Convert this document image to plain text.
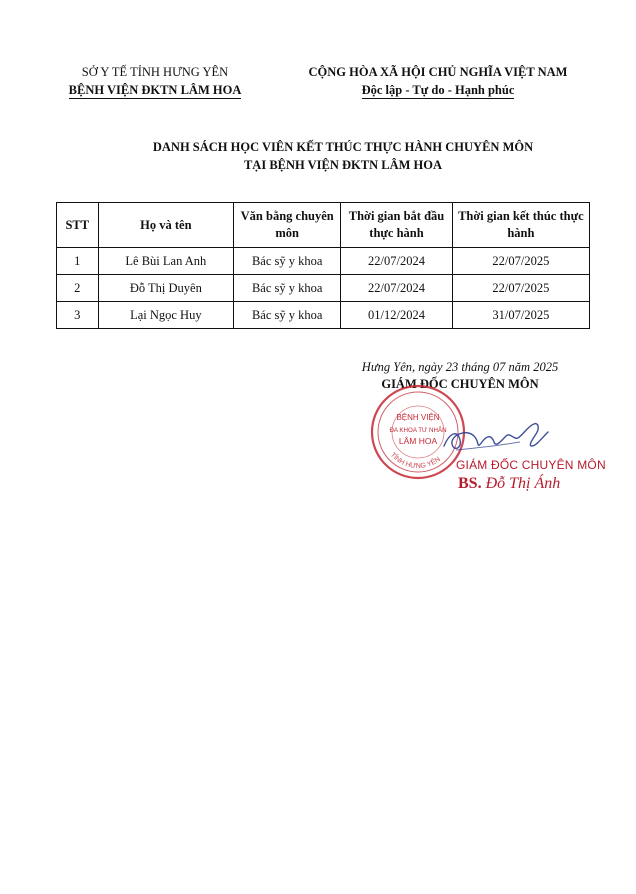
SỞ Y TẾ TỈNH HƯNG YÊN
BỆNH VIỆN ĐKTN LÂM HOA
CỘNG HÒA XÃ HỘI CHỦ NGHĨA VIỆT NAM
Độc lập - Tự do - Hạnh phúc
DANH SÁCH HỌC VIÊN KẾT THÚC THỰC HÀNH CHUYÊN MÔN
TẠI BỆNH VIỆN ĐKTN LÂM HOA
STT	Họ và tên	Văn bằng chuyên môn	Thời gian bắt đầu thực hành	Thời gian kết thúc thực hành
1	Lê Bùi Lan Anh	Bác sỹ y khoa	22/07/2024	22/07/2025
2	Đỗ Thị Duyên	Bác sỹ y khoa	22/07/2024	22/07/2025
3	Lại Ngọc Huy	Bác sỹ y khoa	01/12/2024	31/07/2025
Hưng Yên, ngày 23 tháng 07 năm 2025
GIÁM ĐỐC CHUYÊN MÔN
TỈNH HƯNG YÊN
BỆNH VIỆN
ĐA KHOA TƯ NHÂN
LÂM HOA
GIÁM ĐỐC CHUYÊN MÔN
BS. Đỗ Thị Ánh
